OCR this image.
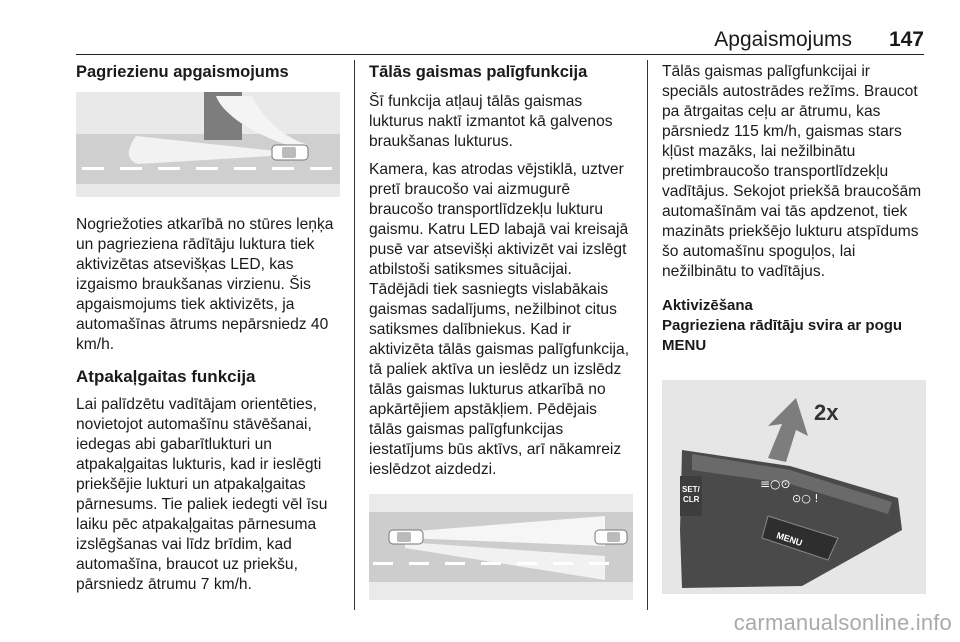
Apgaismojums 147
Pagriezienu apgaismojums

Nogriežoties atkarībā no stūres leņķa un pagrieziena rādītāju luktura tiek aktivizētas atsevišķas LED, kas izgaismo braukšanas virzienu. Šis apgaismojums tiek aktivizēts, ja automašīnas ātrums nepārsniedz 40 km/h.

Atpakaļgaitas funkcija

Lai palīdzētu vadītājam orientēties, novietojot automašīnu stāvēšanai, iedegas abi gabarītlukturi un atpakaļgaitas lukturis, kad ir ieslēgti priekšējie lukturi un atpakaļgaitas pārnesums. Tie paliek iedegti vēl īsu laiku pēc atpakaļgaitas pārnesuma izslēgšanas vai līdz brīdim, kad automašīna, braucot uz priekšu, pārsniedz ātrumu 7 km/h.

Tālās gaismas palīgfunkcija

Šī funkcija atļauj tālās gaismas lukturus naktī izmantot kā galvenos braukšanas lukturus.

Kamera, kas atrodas vējstiklā, uztver pretī braucošo vai aizmugurē braucošo transportlīdzekļu lukturu gaismu. Katru LED labajā vai kreisajā pusē var atsevišķi aktivizēt vai izslēgt atbilstoši satiksmes situācijai. Tādējādi tiek sasniegts vislabākais gaismas sadalījums, nežilbinot citus satiksmes dalībniekus. Kad ir aktivizēta tālās gaismas palīgfunkcija, tā paliek aktīva un ieslēdz un izslēdz tālās gaismas lukturus atkarībā no apkārtējiem apstākļiem. Pēdējais tālās gaismas palīgfunkcijas iestatījums būs aktīvs, arī nākamreiz ieslēdzot aizdedzi.

Tālās gaismas palīgfunkcijai ir speciāls autostrādes režīms. Braucot pa ātrgaitas ceļu ar ātrumu, kas pārsniedz 115 km/h, gaismas stars kļūst mazāks, lai nežilbinātu pretimbraucošo transportlīdzekļu vadītājus. Sekojot priekšā braucošām automašīnām vai tās apdzenot, tiek mazināts priekšējo lukturu atspīdums šo automašīnu spoguļos, lai nežilbinātu to vadītājus.

Aktivizēšana
Pagrieziena rādītāju svira ar pogu MENU
2x
SET/
CLR
≡○⊙
⊙○ !
MENU
carmanualsonline.info
